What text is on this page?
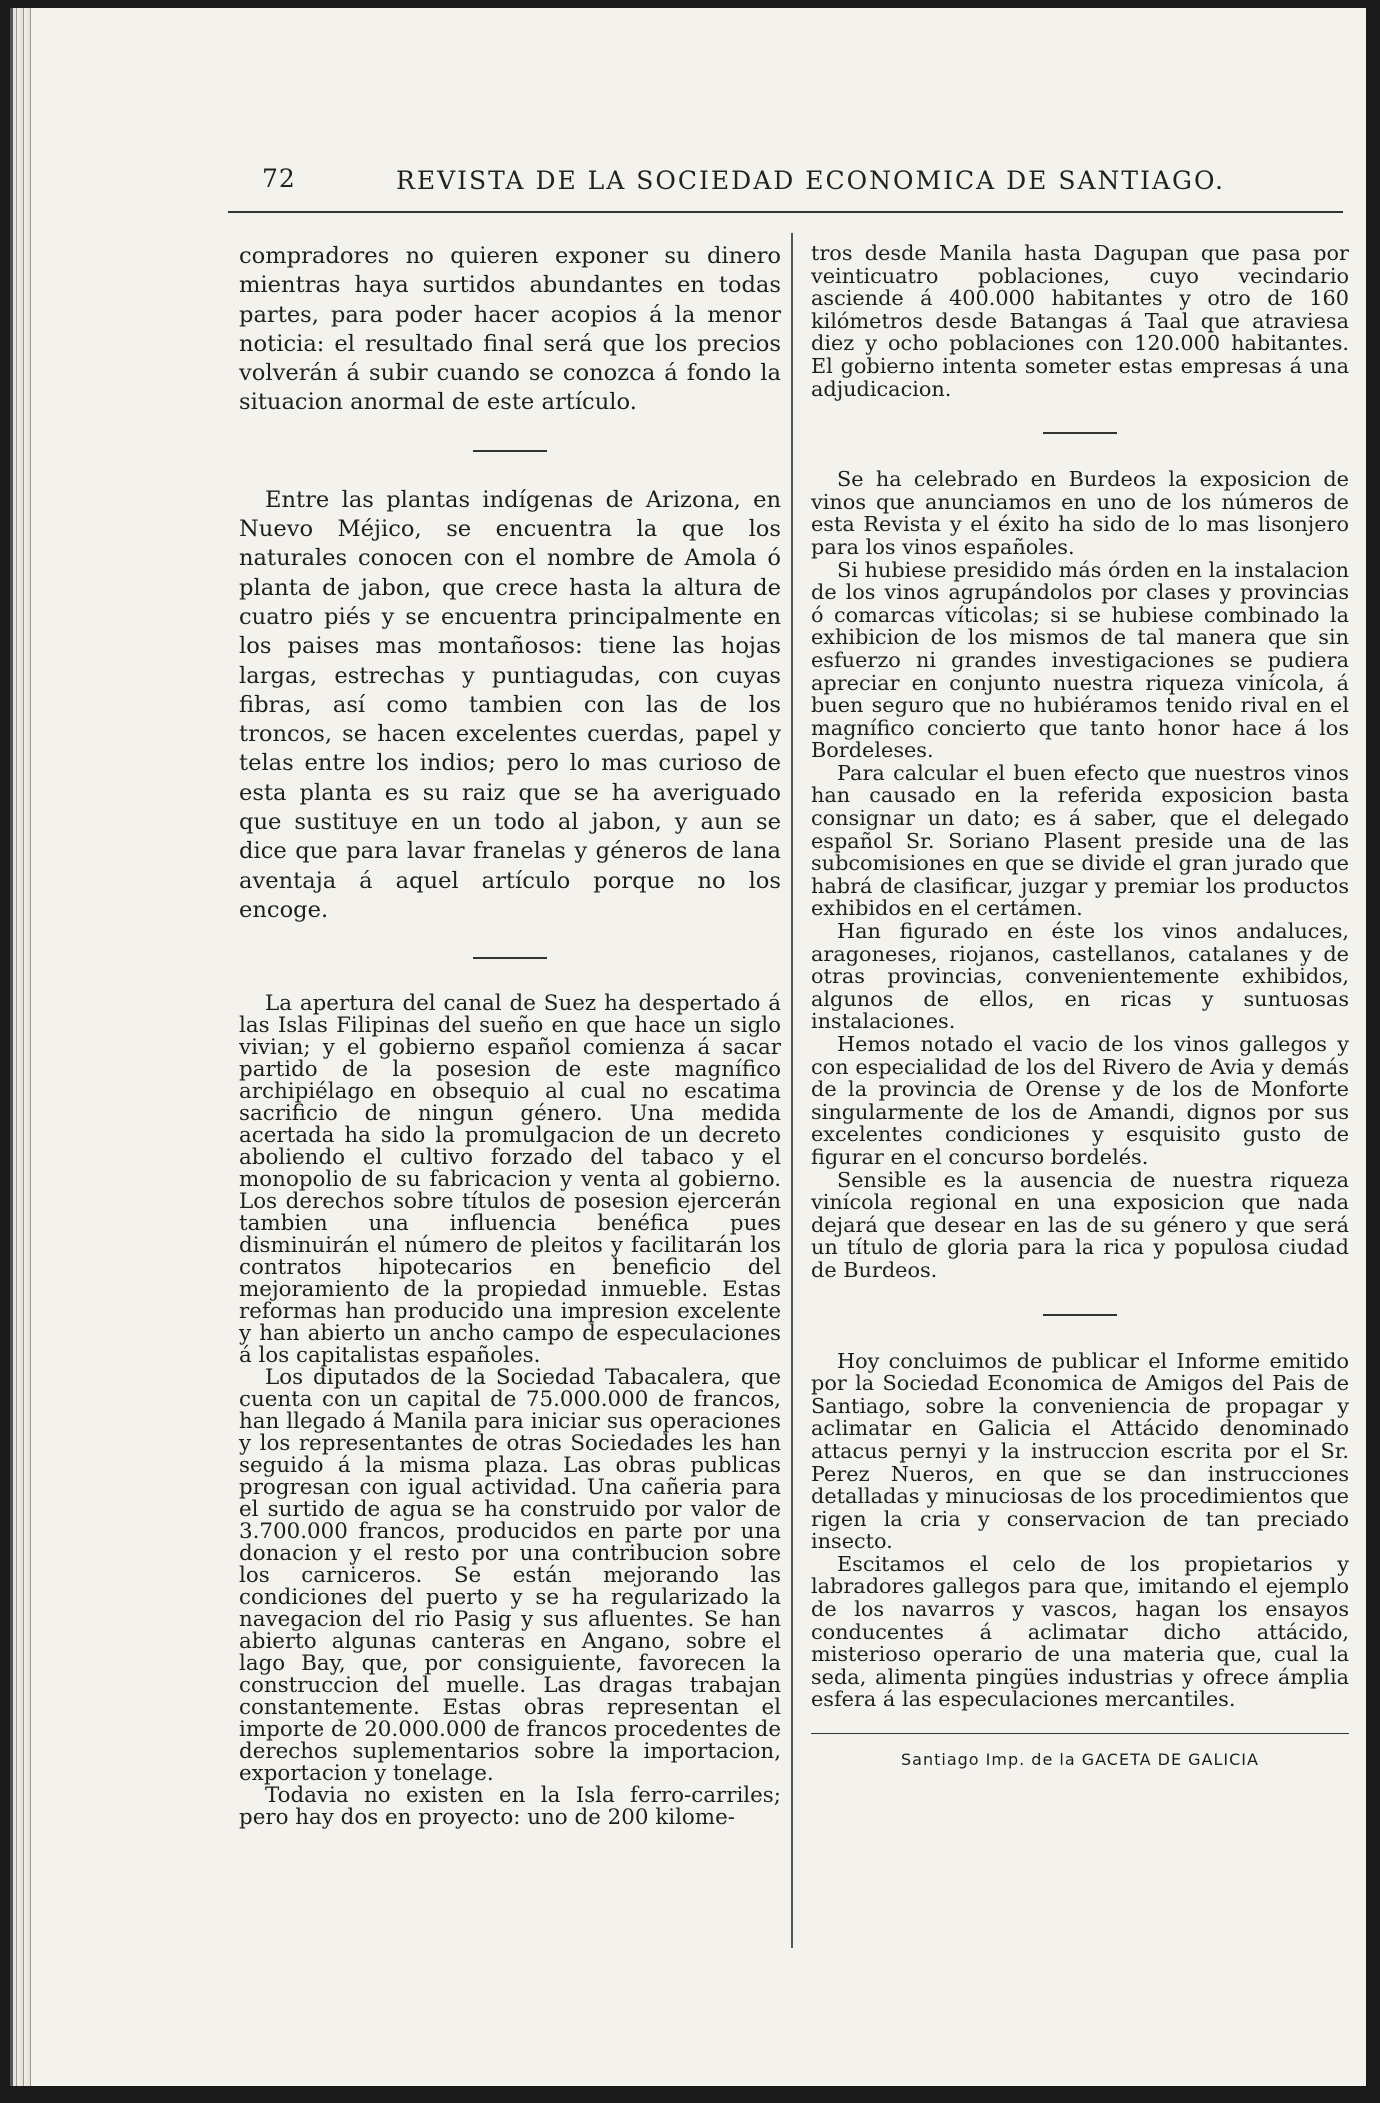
72	REVISTA DE LA SOCIEDAD ECONOMICA DE SANTIAGO.

compradores no quieren exponer su dinero mientras haya surtidos abundantes en todas partes, para poder hacer acopios á la menor noticia: el resultado final será que los precios volverán á subir cuando se conozca á fondo la situacion anormal de este artículo.

Entre las plantas indígenas de Arizona, en Nuevo Méjico, se encuentra la que los naturales conocen con el nombre de Amola ó planta de jabon, que crece hasta la altura de cuatro piés y se encuentra principalmente en los paises mas montañosos: tiene las hojas largas, estrechas y puntiagudas, con cuyas fibras, así como tambien con las de los troncos, se hacen excelentes cuerdas, papel y telas entre los indios; pero lo mas curioso de esta planta es su raiz que se ha averiguado que sustituye en un todo al jabon, y aun se dice que para lavar franelas y géneros de lana aventaja á aquel artículo porque no los encoge.

La apertura del canal de Suez ha despertado á las Islas Filipinas del sueño en que hace un siglo vivian; y el gobierno español comienza á sacar partido de la posesion de este magnífico archipiélago en obsequio al cual no escatima sacrificio de ningun género. Una medida acertada ha sido la promulgacion de un decreto aboliendo el cultivo forzado del tabaco y el monopolio de su fabricacion y venta al gobierno. Los derechos sobre títulos de posesion ejercerán tambien una influencia benéfica pues disminuirán el número de pleitos y facilitarán los contratos hipotecarios en beneficio del mejoramiento de la propiedad inmueble. Estas reformas han producido una impresion excelente y han abierto un ancho campo de especulaciones á los capitalistas españoles.

Los diputados de la Sociedad Tabacalera, que cuenta con un capital de 75.000.000 de francos, han llegado á Manila para iniciar sus operaciones y los representantes de otras Sociedades les han seguido á la misma plaza. Las obras publicas progresan con igual actividad. Una cañeria para el surtido de agua se ha construido por valor de 3.700.000 francos, producidos en parte por una donacion y el resto por una contribucion sobre los carniceros. Se están mejorando las condiciones del puerto y se ha regularizado la navegacion del rio Pasig y sus afluentes. Se han abierto algunas canteras en Angano, sobre el lago Bay, que, por consiguiente, favorecen la construccion del muelle. Las dragas trabajan constantemente. Estas obras representan el importe de 20.000.000 de francos procedentes de derechos suplementarios sobre la importacion, exportacion y tonelage.

Todavia no existen en la Isla ferro-carriles; pero hay dos en proyecto: uno de 200 kilome-

tros desde Manila hasta Dagupan que pasa por veinticuatro poblaciones, cuyo vecindario asciende á 400.000 habitantes y otro de 160 kilómetros desde Batangas á Taal que atraviesa diez y ocho poblaciones con 120.000 habitantes. El gobierno intenta someter estas empresas á una adjudicacion.

Se ha celebrado en Burdeos la exposicion de vinos que anunciamos en uno de los números de esta Revista y el éxito ha sido de lo mas lisonjero para los vinos españoles.

Si hubiese presidido más órden en la instalacion de los vinos agrupándolos por clases y provincias ó comarcas víticolas; si se hubiese combinado la exhibicion de los mismos de tal manera que sin esfuerzo ni grandes investigaciones se pudiera apreciar en conjunto nuestra riqueza vinícola, á buen seguro que no hubiéramos tenido rival en el magnífico concierto que tanto honor hace á los Bordeleses.

Para calcular el buen efecto que nuestros vinos han causado en la referida exposicion basta consignar un dato; es á saber, que el delegado español Sr. Soriano Plasent preside una de las subcomisiones en que se divide el gran jurado que habrá de clasificar, juzgar y premiar los productos exhibidos en el certámen.

Han figurado en éste los vinos andaluces, aragoneses, riojanos, castellanos, catalanes y de otras provincias, convenientemente exhibidos, algunos de ellos, en ricas y suntuosas instalaciones.

Hemos notado el vacio de los vinos gallegos y con especialidad de los del Rivero de Avia y demás de la provincia de Orense y de los de Monforte singularmente de los de Amandi, dignos por sus excelentes condiciones y esquisito gusto de figurar en el concurso bordelés.

Sensible es la ausencia de nuestra riqueza vinícola regional en una exposicion que nada dejará que desear en las de su género y que será un título de gloria para la rica y populosa ciudad de Burdeos.

Hoy concluimos de publicar el Informe emitido por la Sociedad Economica de Amigos del Pais de Santiago, sobre la conveniencia de propagar y aclimatar en Galicia el Attácido denominado attacus pernyi y la instruccion escrita por el Sr. Perez Nueros, en que se dan instrucciones detalladas y minuciosas de los procedimientos que rigen la cria y conservacion de tan preciado insecto.

Escitamos el celo de los propietarios y labradores gallegos para que, imitando el ejemplo de los navarros y vascos, hagan los ensayos conducentes á aclimatar dicho attácido, misterioso operario de una materia que, cual la seda, alimenta pingües industrias y ofrece ámplia esfera á las especulaciones mercantiles.

Santiago Imp. de la GACETA DE GALICIA
